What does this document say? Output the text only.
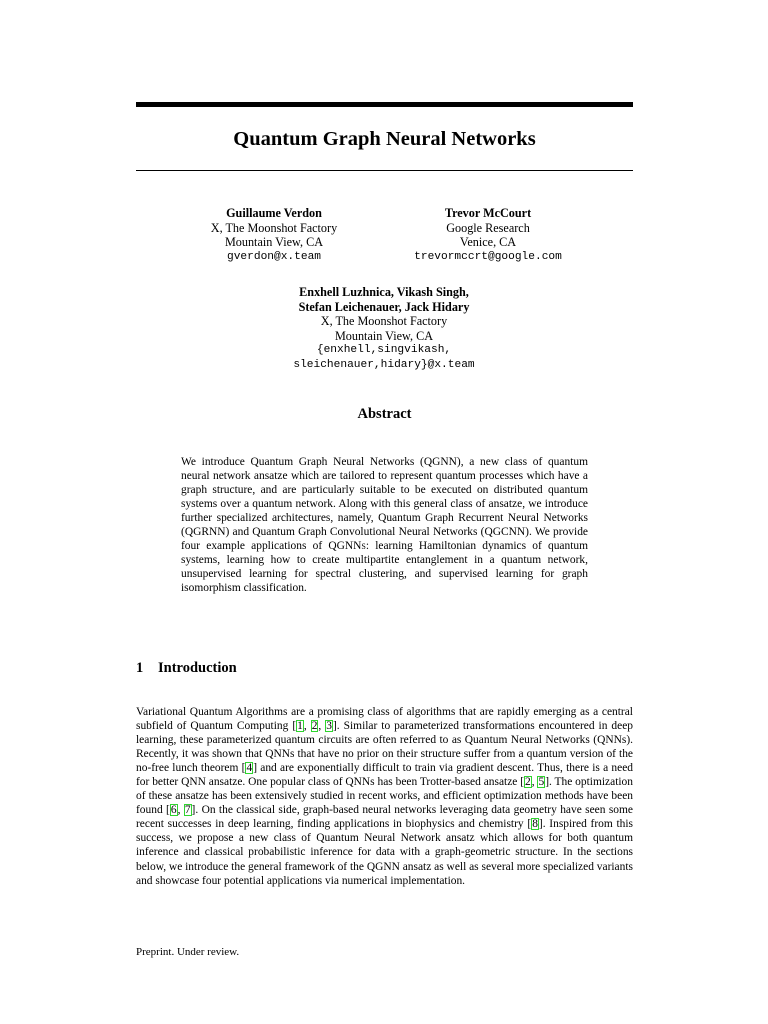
Quantum Graph Neural Networks
Guillaume Verdon
X, The Moonshot Factory
Mountain View, CA
gverdon@x.team
Trevor McCourt
Google Research
Venice, CA
trevormccrt@google.com
Enxhell Luzhnica, Vikash Singh,
Stefan Leichenauer, Jack Hidary
X, The Moonshot Factory
Mountain View, CA
{enxhell,singvikash,
sleichenauer,hidary}@x.team
Abstract
We introduce Quantum Graph Neural Networks (QGNN), a new class of quantum neural network ansatze which are tailored to represent quantum processes which have a graph structure, and are particularly suitable to be executed on distributed quantum systems over a quantum network. Along with this general class of ansatze, we introduce further specialized architectures, namely, Quantum Graph Recurrent Neural Networks (QGRNN) and Quantum Graph Convolutional Neural Networks (QGCNN). We provide four example applications of QGNNs: learning Hamiltonian dynamics of quantum systems, learning how to create multipartite entanglement in a quantum network, unsupervised learning for spectral clustering, and supervised learning for graph isomorphism classification.
1 Introduction
Variational Quantum Algorithms are a promising class of algorithms that are rapidly emerging as a central subfield of Quantum Computing [1, 2, 3]. Similar to parameterized transformations encountered in deep learning, these parameterized quantum circuits are often referred to as Quantum Neural Networks (QNNs). Recently, it was shown that QNNs that have no prior on their structure suffer from a quantum version of the no-free lunch theorem [4] and are exponentially difficult to train via gradient descent. Thus, there is a need for better QNN ansatze. One popular class of QNNs has been Trotter-based ansatze [2, 5]. The optimization of these ansatze has been extensively studied in recent works, and efficient optimization methods have been found [6, 7]. On the classical side, graph-based neural networks leveraging data geometry have seen some recent successes in deep learning, finding applications in biophysics and chemistry [8]. Inspired from this success, we propose a new class of Quantum Neural Network ansatz which allows for both quantum inference and classical probabilistic inference for data with a graph-geometric structure. In the sections below, we introduce the general framework of the QGNN ansatz as well as several more specialized variants and showcase four potential applications via numerical implementation.
Preprint. Under review.
